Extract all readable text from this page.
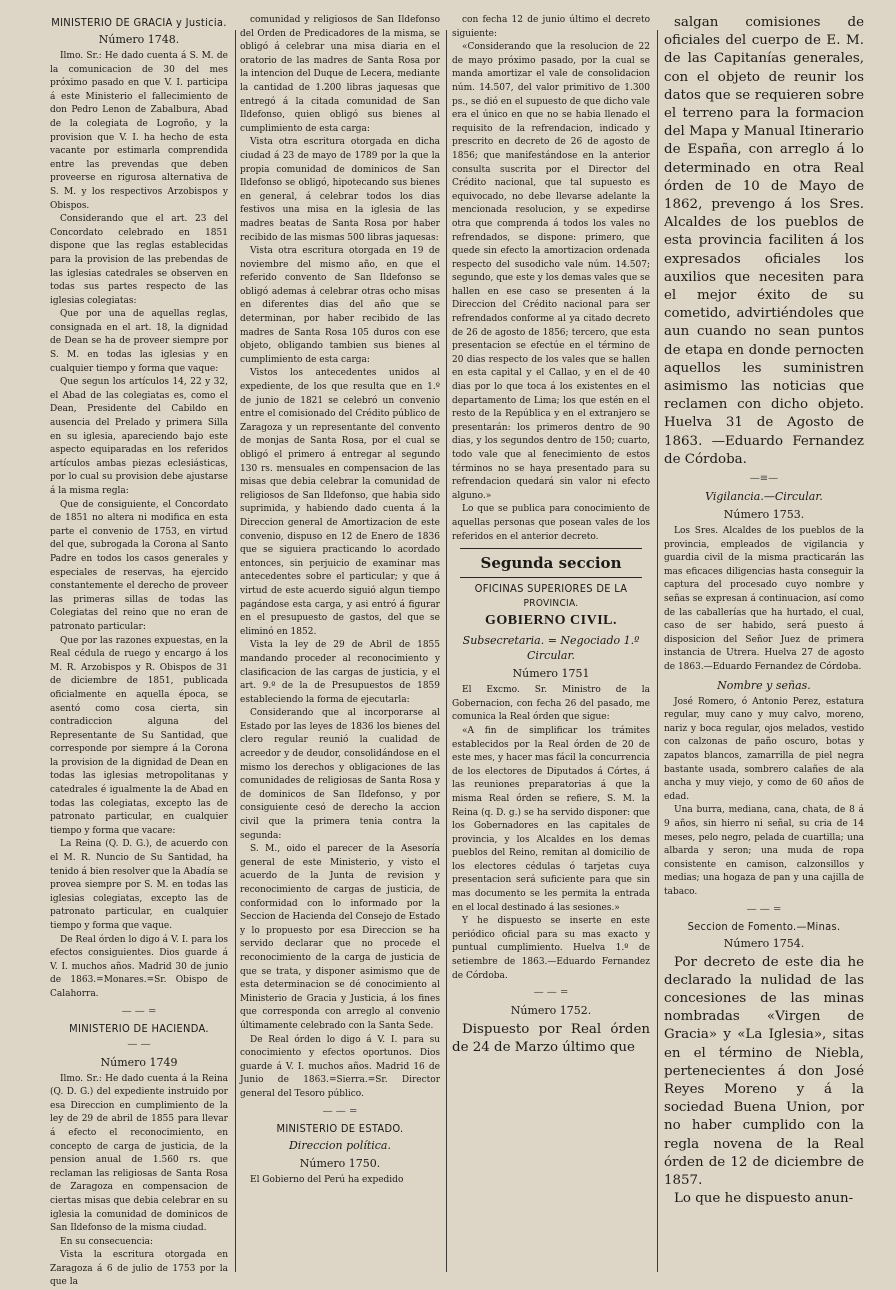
MINISTERIO DE GRACIA y Justicia.
Número 1748.

Ilmo. Sr.: He dado cuenta á S. M. de la comunicacion de 30 del mes próximo pasado en que V. I. participa á este Ministerio el fallecimiento de don Pedro Lenon de Zabalbura, Abad de la colegiata de Logroño, y la provision que V. I. ha hecho de esta vacante por estimarla comprendida entre las prevendas que deben proveerse en rigurosa alternativa de S. M. y los respectivos Arzobispos y Obispos.

Considerando que el art. 23 del Concordato celebrado en 1851 dispone que las reglas establecidas para la provision de las prebendas de las iglesias catedrales se observen en todas sus partes respecto de las iglesias colegiatas:

Que por una de aquellas reglas, consignada en el art. 18, la dignidad de Dean se ha de proveer siempre por S. M. en todas las iglesias y en cualquier tiempo y forma que vaque:

Que segun los artículos 14, 22 y 32, el Abad de las colegiatas es, como el Dean, Presidente del Cabildo en ausencia del Prelado y primera Silla en su iglesia, apareciendo bajo este aspecto equiparadas en los referidos artículos ambas piezas eclesiásticas, por lo cual su provision debe ajustarse á la misma regla:

Que de consiguiente, el Concordato de 1851 no altera ni modifica en esta parte el convenio de 1753, en virtud del que, subrogada la Corona al Santo Padre en todos los casos generales y especiales de reservas, ha ejercido constantemente el derecho de proveer las primeras sillas de todas las Colegiatas del reino que no eran de patronato particular:

Que por las razones expuestas, en la Real cédula de ruego y encargo á los M. R. Arzobispos y R. Obispos de 31 de diciembre de 1851, publicada oficialmente en aquella época, se asentó como cosa cierta, sin contradiccion alguna del Representante de Su Santidad, que corresponde por siempre á la Corona la provision de la dignidad de Dean en todas las iglesias metropolitanas y catedrales é igualmente la de Abad en todas las colegiatas, excepto las de patronato particular, en cualquier tiempo y forma que vacare:

La Reina (Q. D. G.), de acuerdo con el M. R. Nuncio de Su Santidad, ha tenido á bien resolver que la Abadía se provea siempre por S. M. en todas las iglesias colegiatas, excepto las de patronato particular, en cualquier tiempo y forma que vaque.

De Real órden lo digo á V. I. para los efectos consiguientes. Dios guarde á V. I. muchos años. Madrid 30 de junio de 1863.=Monares.=Sr. Obispo de Calahorra.

— — =
MINISTERIO DE HACIENDA.
— —
Número 1749

Ilmo. Sr.: He dado cuenta á la Reina (Q. D. G.) del expediente instruido por esa Direccion en cumplimiento de la ley de 29 de abril de 1855 para llevar á efecto el reconocimiento, en concepto de carga de justicia, de la pension anual de 1.560 rs. que reclaman las religiosas de Santa Rosa de Zaragoza en compensacion de ciertas misas que debia celebrar en su iglesia la comunidad de dominicos de San Ildefonso de la misma ciudad.

En su consecuencia:

Vista la escritura otorgada en Zaragoza á 6 de julio de 1753 por la que la

comunidad y religiosos de San Ildefonso del Orden de Predicadores de la misma, se obligó á celebrar una misa diaria en el oratorio de las madres de Santa Rosa por la intencion del Duque de Lecera, mediante la cantidad de 1.200 libras jaquesas que entregó á la citada comunidad de San Ildefonso, quien obligó sus bienes al cumplimiento de esta carga:

Vista otra escritura otorgada en dicha ciudad á 23 de mayo de 1789 por la que la propia comunidad de dominicos de San Ildefonso se obligó, hipotecando sus bienes en general, á celebrar todos los dias festivos una misa en la iglesia de las madres beatas de Santa Rosa por haber recibido de las mismas 500 libras jaquesas:

Vista otra escritura otorgada en 19 de noviembre del mismo año, en que el referido convento de San Ildefonso se obligó ademas á celebrar otras ocho misas en diferentes dias del año que se determinan, por haber recibido de las madres de Santa Rosa 105 duros con ese objeto, obligando tambien sus bienes al cumplimiento de esta carga:

Vistos los antecedentes unidos al expediente, de los que resulta que en 1.º de junio de 1821 se celebró un convenio entre el comisionado del Crédito público de Zaragoza y un representante del convento de monjas de Santa Rosa, por el cual se obligó el primero á entregar al segundo 130 rs. mensuales en compensacion de las misas que debia celebrar la comunidad de religiosos de San Ildefonso, que habia sido suprimida, y habiendo dado cuenta á la Direccion general de Amortizacion de este convenio, dispuso en 12 de Enero de 1836 que se siguiera practicando lo acordado entonces, sin perjuicio de examinar mas antecedentes sobre el particular; y que á virtud de este acuerdo siguió algun tiempo pagándose esta carga, y asi entró á figurar en el presupuesto de gastos, del que se eliminó en 1852.

Vista la ley de 29 de Abril de 1855 mandando proceder al reconocimiento y clasificacion de las cargas de justicia, y el art. 9.º de la de Presupuestos de 1859 estableciendo la forma de ejecutarla:

Considerando que al incorporarse al Estado por las leyes de 1836 los bienes del clero regular reunió la cualidad de acreedor y de deudor, consolidándose en el mismo los derechos y obligaciones de las comunidades de religiosas de Santa Rosa y de dominicos de San Ildefonso, y por consiguiente cesó de derecho la accion civil que la primera tenia contra la segunda:

S. M., oido el parecer de la Asesoría general de este Ministerio, y visto el acuerdo de la Junta de revision y reconocimiento de cargas de justicia, de conformidad con lo informado por la Seccion de Hacienda del Consejo de Estado y lo propuesto por esa Direccion se ha servido declarar que no procede el reconocimiento de la carga de justicia de que se trata, y disponer asimismo que de esta determinacion se dé conocimiento al Ministerio de Gracia y Justicia, á los fines que corresponda con arreglo al convenio últimamente celebrado con la Santa Sede.

De Real órden lo digo á V. I. para su conocimiento y efectos oportunos. Dios guarde á V. I. muchos años. Madrid 16 de Junio de 1863.=Sierra.=Sr. Director general del Tesoro público.

— — =
MINISTERIO DE ESTADO.
Direccion política.
Número 1750.

El Gobierno del Perú ha expedido

con fecha 12 de junio último el decreto siguiente:

«Considerando que la resolucion de 22 de mayo próximo pasado, por la cual se manda amortizar el vale de consolidacion núm. 14.507, del valor primitivo de 1.300 ps., se dió en el supuesto de que dicho vale era el único en que no se habia llenado el requisito de la refrendacion, indicado y prescrito en decreto de 26 de agosto de 1856; que manifestándose en la anterior consulta suscrita por el Director del Crédito nacional, que tal supuesto es equivocado, no debe llevarse adelante la mencionada resolucion, y se expedirse otra que comprenda á todos los vales no refrendados, se dispone: primero, que quede sin efecto la amortizacion ordenada respecto del susodicho vale núm. 14.507; segundo, que este y los demas vales que se hallen en ese caso se presenten á la Direccion del Crédito nacional para ser refrendados conforme al ya citado decreto de 26 de agosto de 1856; tercero, que esta presentacion se efectúe en el término de 20 dias respecto de los vales que se hallen en esta capital y el Callao, y en el de 40 dias por lo que toca á los existentes en el departamento de Lima; los que estén en el resto de la República y en el extranjero se presentarán: los primeros dentro de 90 dias, y los segundos dentro de 150; cuarto, todo vale que al fenecimiento de estos términos no se haya presentado para su refrendacion quedará sin valor ni efecto alguno.»

Lo que se publica para conocimiento de aquellas personas que posean vales de los referidos en el anterior decreto.

Segunda seccion
OFICINAS SUPERIORES DE LA
PROVINCIA.
GOBIERNO CIVIL.
Subsecretaria. = Negociado 1.º Circular.
Número 1751

El Excmo. Sr. Ministro de la Gobernacion, con fecha 26 del pasado, me comunica la Real órden que sigue:

«A fin de simplificar los trámites establecidos por la Real órden de 20 de este mes, y hacer mas fácil la concurrencia de los electores de Diputados á Córtes, á las reuniones preparatorias á que la misma Real órden se refiere, S. M. la Reina (q. D. g.) se ha servido disponer: que los Gobernadores en las capitales de provincia, y los Alcaldes en los demas pueblos del Reino, remitan al domicilio de los electores cédulas ó tarjetas cuya presentacion será suficiente para que sin mas documento se les permita la entrada en el local destinado á las sesiones.»

Y he dispuesto se inserte en este periódico oficial para su mas exacto y puntual cumplimiento. Huelva 1.º de setiembre de 1863.—Eduardo Fernandez de Córdoba.

— — =
Número 1752.

Dispuesto por Real órden de 24 de Marzo último que

salgan comisiones de oficiales del cuerpo de E. M. de las Capitanías generales, con el objeto de reunir los datos que se requieren sobre el terreno para la formacion del Mapa y Manual Itinerario de España, con arreglo á lo determinado en otra Real órden de 10 de Mayo de 1862, prevengo á los Sres. Alcaldes de los pueblos de esta provincia faciliten á los expresados oficiales los auxilios que necesiten para el mejor éxito de su cometido, advirtiéndoles que aun cuando no sean puntos de etapa en donde pernocten aquellos les suministren asimismo las noticias que reclamen con dicho objeto. Huelva 31 de Agosto de 1863. —Eduardo Fernandez de Córdoba.

—≡—
Vigilancia.—Circular.
Número 1753.

Los Sres. Alcaldes de los pueblos de la provincia, empleados de vigilancia y guardia civil de la misma practicarán las mas eficaces diligencias hasta conseguir la captura del procesado cuyo nombre y señas se expresan á continuacion, así como de las caballerías que ha hurtado, el cual, caso de ser habido, será puesto á disposicion del Señor Juez de primera instancia de Utrera. Huelva 27 de agosto de 1863.—Eduardo Fernandez de Córdoba.

Nombre y señas.

José Romero, ó Antonio Perez, estatura regular, muy cano y muy calvo, moreno, nariz y boca regular, ojos melados, vestido con calzonas de paño oscuro, botas y zapatos blancos, zamarrilla de piel negra bastante usada, sombrero calañes de ala ancha y muy viejo, y como de 60 años de edad.

Una burra, mediana, cana, chata, de 8 á 9 años, sin hierro ni señal, su cria de 14 meses, pelo negro, pelada de cuartilla; una albarda y seron; una muda de ropa consistente en camison, calzonsillos y medias; una hogaza de pan y una cajilla de tabaco.

— — =
Seccion de Fomento.—Minas.
Número 1754.

Por decreto de este dia he declarado la nulidad de las concesiones de las minas nombradas «Virgen de Gracia» y «La Iglesia», sitas en el término de Niebla, pertenecientes á don José Reyes Moreno y á la sociedad Buena Union, por no haber cumplido con la regla novena de la Real órden de 12 de diciembre de 1857.

Lo que he dispuesto anun-
